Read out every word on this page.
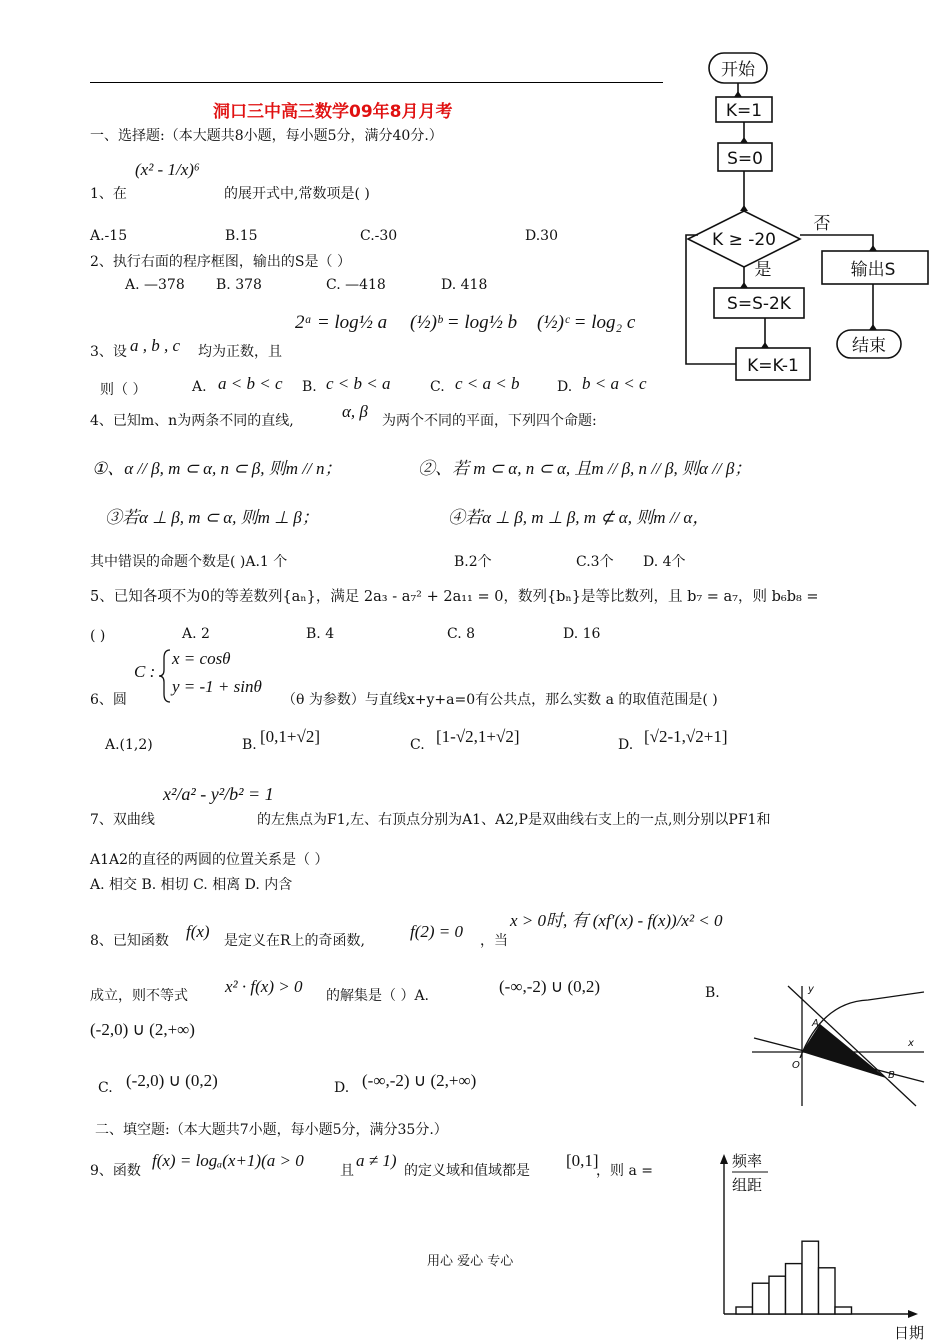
洞口三中高三数学09年8月月考
一、选择题:（本大题共8小题，每小题5分，满分40分.）
(x² - 1/x)⁶
1、在	的展开式中,常数项是( )
A.-15	B.15	C.-30	D.30
2、执行右面的程序框图，输出的S是（ ）
A. —378 B. 378	C. —418	D. 418
2ᵃ = log½ a (½)ᵇ = log½ b (½)ᶜ = log₂ c
3、设 a , b , c 均为正数，且
则（ ）	A. a < b < c B. c < b < a	C. c < a < b	D. b < a < c
4、已知m、n为两条不同的直线,	α, β 为两个不同的平面，下列四个命题:
①、α // β, m ⊂ α, n ⊂ β, 则m // n；	②、若 m ⊂ α, n ⊂ α, 且m // β, n // β, 则α // β；
③若α ⊥ β, m ⊂ α, 则m ⊥ β；	④若α ⊥ β, m ⊥ β, m ⊄ α, 则m // α，
其中错误的命题个数是( )A.1 个	B.2个	C.3个 D. 4个
5、已知各项不为0的等差数列{aₙ}，满足 2a₃ - a₇² + 2a₁₁ = 0，数列{bₙ}是等比数列，且 b₇ = a₇，则 b₆b₈ =
( )	A. 2	B. 4	C. 8	D. 16
C :
x = cosθ
y = -1 + sinθ
6、圆	（θ 为参数）与直线x+y+a=0有公共点，那么实数 a 的取值范围是( )
A.(1,2)	B. [0,1+√2]	C. [1-√2,1+√2]	D. [√2-1,√2+1]
x²/a² - y²/b² = 1
7、双曲线	的左焦点为F1,左、右顶点分别为A1、A2,P是双曲线右支上的一点,则分别以PF1和
A1A2的直径的两圆的位置关系是（ ）
A. 相交 B. 相切 C. 相离 D. 内含
8、已知函数 f(x) 是定义在R上的奇函数,	f(2) = 0 ，当
x > 0时, 有 (xf′(x) - f(x))/x² < 0
成立，则不等式 x² · f(x) > 0 的解集是（ ）A.	(-∞,-2) ∪ (0,2)	B.
(-2,0) ∪ (2,+∞)
C. (-2,0) ∪ (0,2)	D. (-∞,-2) ∪ (2,+∞)
二、填空题:（本大题共7小题，每小题5分，满分35分.）
9、函数
f(x) = logₐ(x+1)(a > 0
且
a ≠ 1)
的定义域和值域都是
[0,1]
，则 a =
用心 爱心 专心
开始
K=1
S=0
K ≥ -20
否
是
S=S-2K
K=K-1
输出S
结束
y
x
O
A
B
频率
组距
日期
